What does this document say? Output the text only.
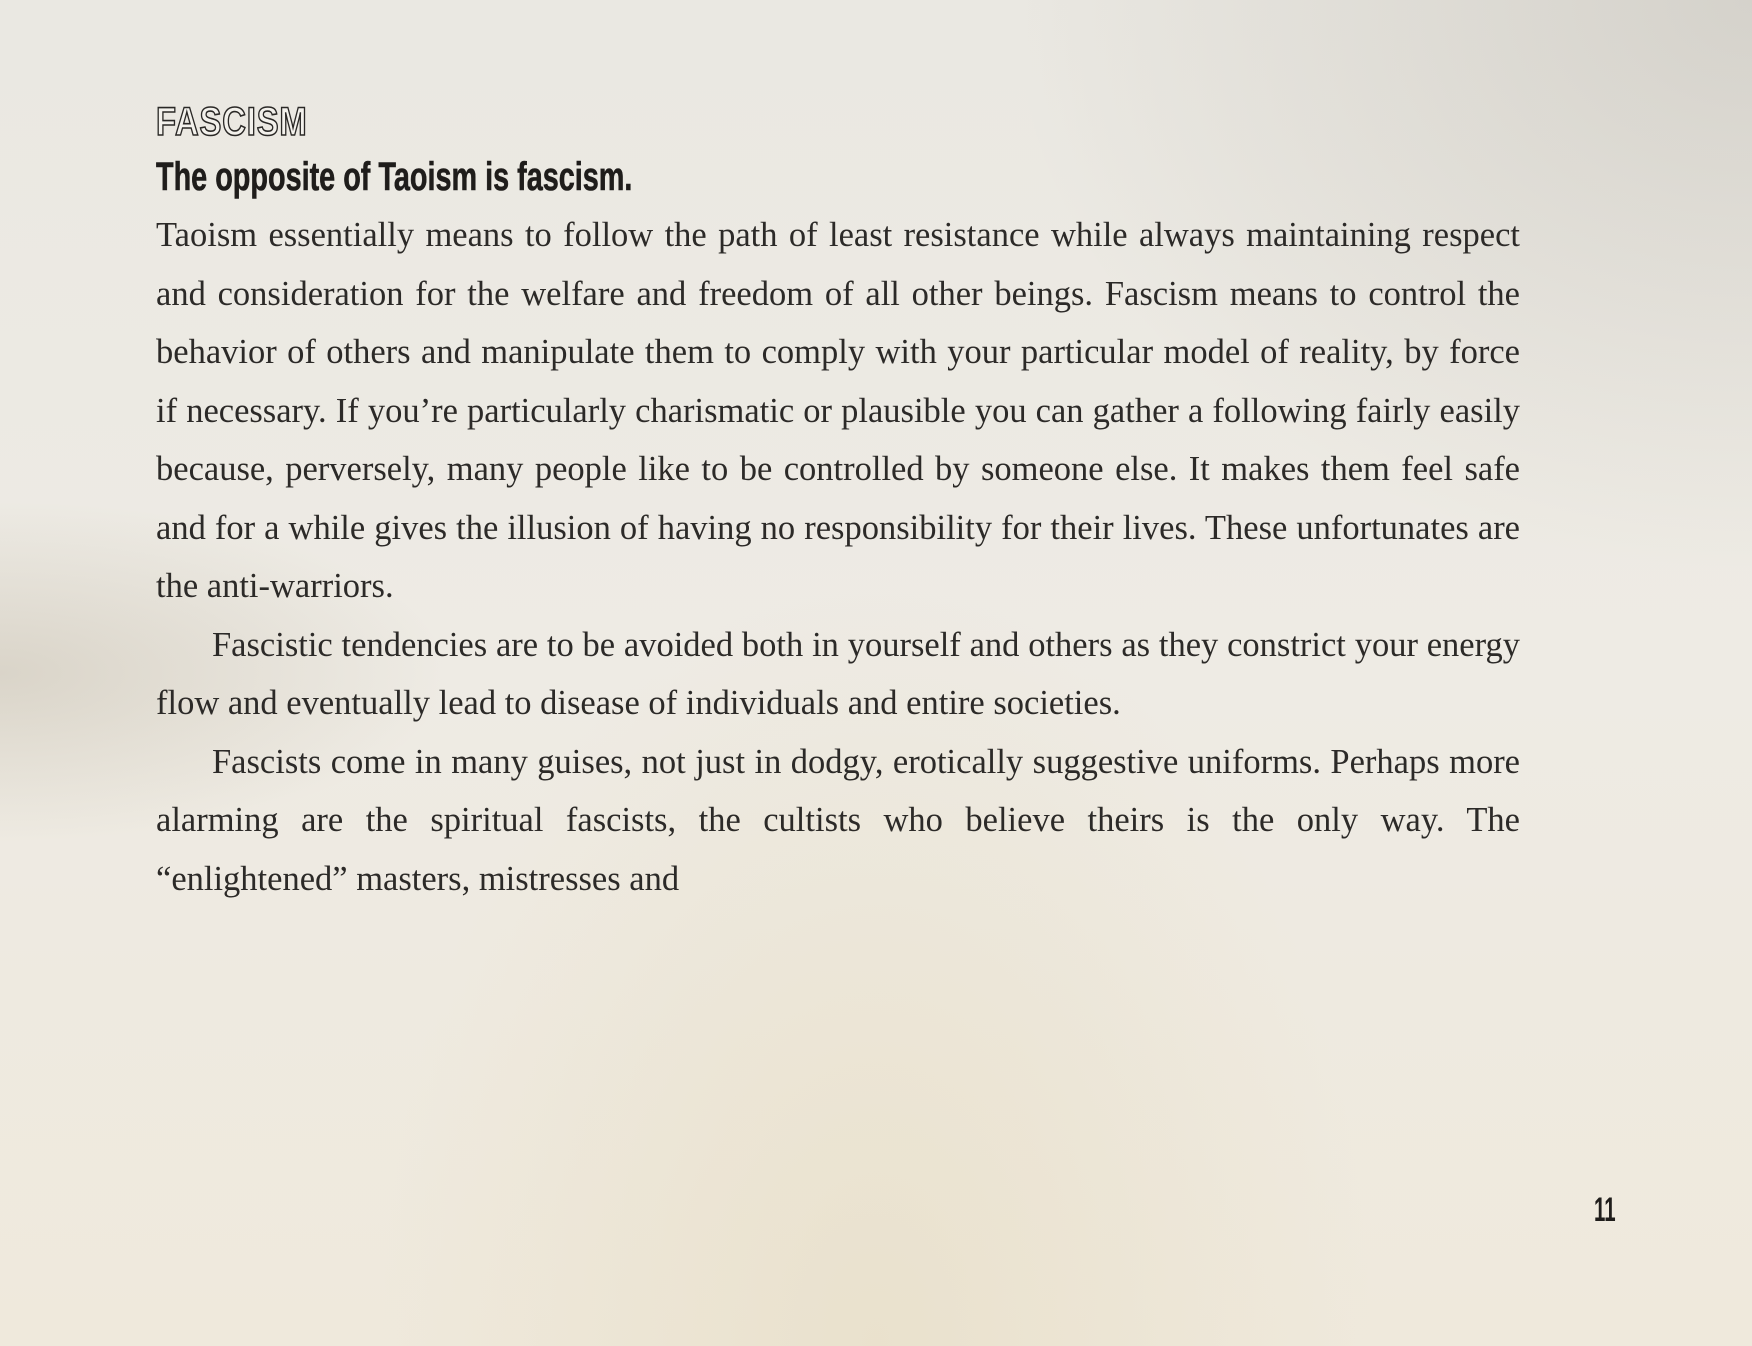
FASCISM
The opposite of Taoism is fascism.

Taoism essentially means to follow the path of least resistance while always maintaining respect and consideration for the welfare and freedom of all other beings. Fascism means to control the behavior of others and manipulate them to comply with your particular model of reality, by force if necessary. If you’re particularly charismatic or plausible you can gather a following fairly easily because, perversely, many people like to be controlled by someone else. It makes them feel safe and for a while gives the illusion of having no responsibility for their lives. These unfortunates are the anti-warriors.

Fascistic tendencies are to be avoided both in yourself and others as they constrict your energy flow and eventually lead to disease of individuals and entire societies.

Fascists come in many guises, not just in dodgy, erotically suggestive uniforms. Perhaps more alarming are the spiritual fascists, the cultists who believe theirs is the only way. The “enlightened” masters, mistresses and

11
